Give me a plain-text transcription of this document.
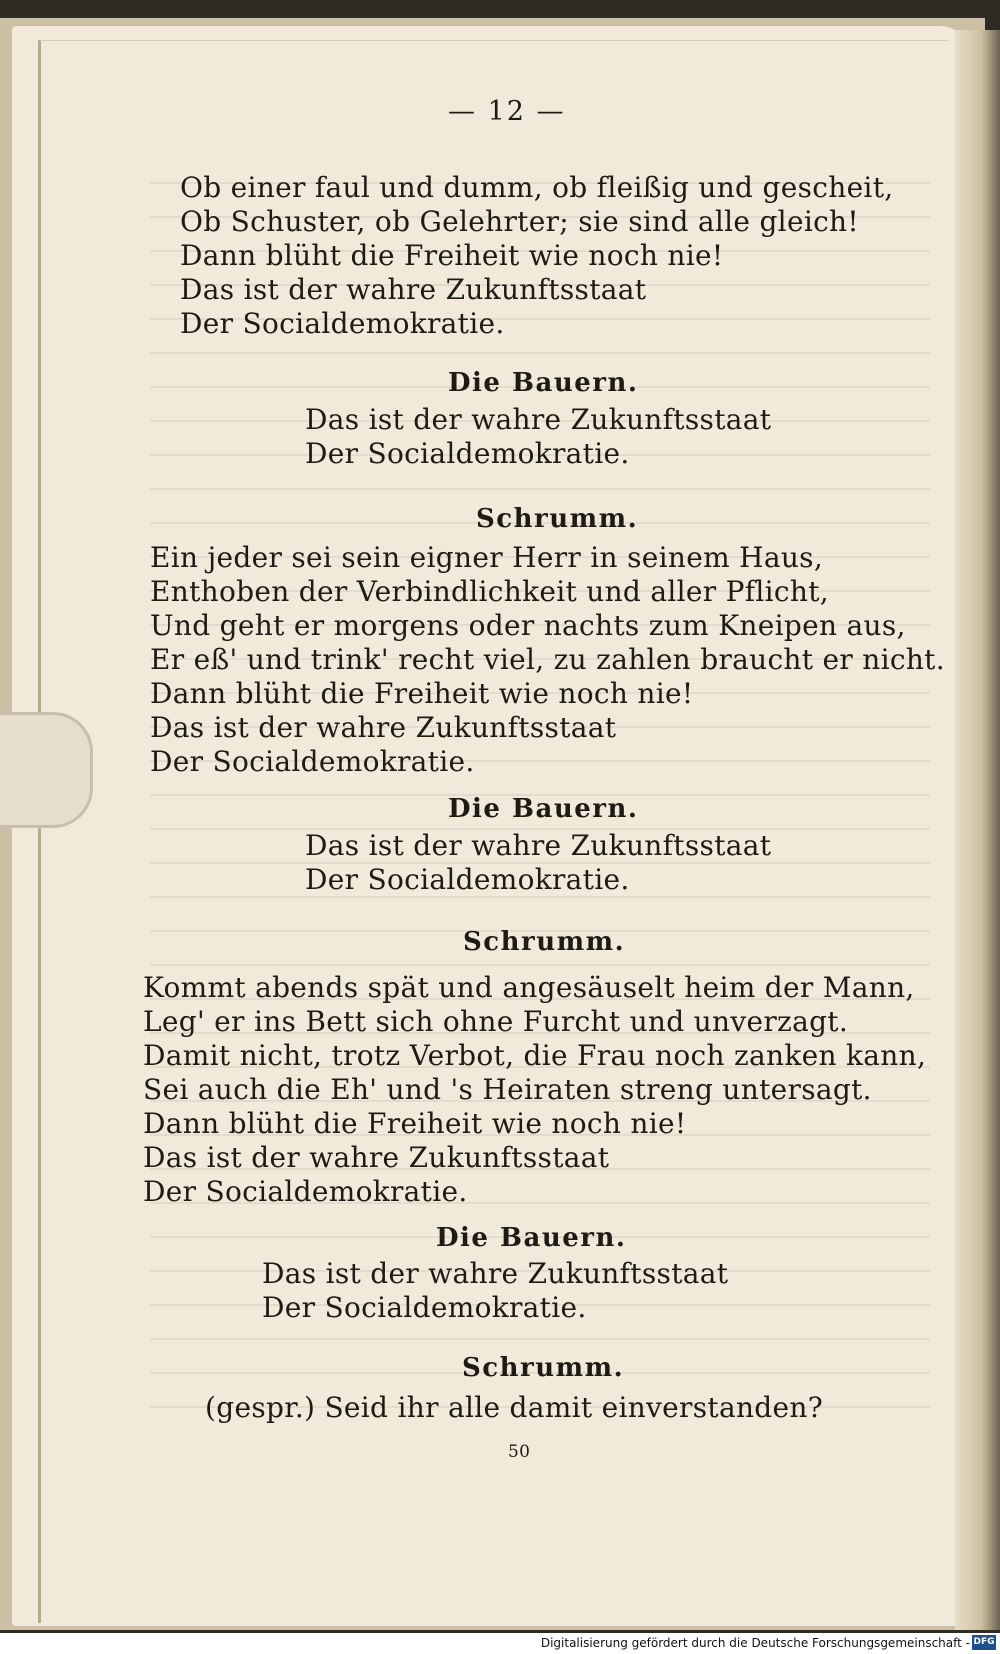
— 12 —
Ob einer faul und dumm, ob fleißig und gescheit,
Ob Schuster, ob Gelehrter; sie sind alle gleich!
Dann blüht die Freiheit wie noch nie!
Das ist der wahre Zukunftsstaat
Der Socialdemokratie.
Die Bauern.
Das ist der wahre Zukunftsstaat
Der Socialdemokratie.
Schrumm.
Ein jeder sei sein eigner Herr in seinem Haus,
Enthoben der Verbindlichkeit und aller Pflicht,
Und geht er morgens oder nachts zum Kneipen aus,
Er eß' und trink' recht viel, zu zahlen braucht er nicht.
Dann blüht die Freiheit wie noch nie!
Das ist der wahre Zukunftsstaat
Der Socialdemokratie.
Die Bauern.
Das ist der wahre Zukunftsstaat
Der Socialdemokratie.
Schrumm.
Kommt abends spät und angesäuselt heim der Mann,
Leg' er ins Bett sich ohne Furcht und unverzagt.
Damit nicht, trotz Verbot, die Frau noch zanken kann,
Sei auch die Eh' und 's Heiraten streng untersagt.
Dann blüht die Freiheit wie noch nie!
Das ist der wahre Zukunftsstaat
Der Socialdemokratie.
Die Bauern.
Das ist der wahre Zukunftsstaat
Der Socialdemokratie.
Schrumm.
(gespr.) Seid ihr alle damit einverstanden?
50
Digitalisierung gefördert durch die Deutsche Forschungsgemeinschaft - DFG
